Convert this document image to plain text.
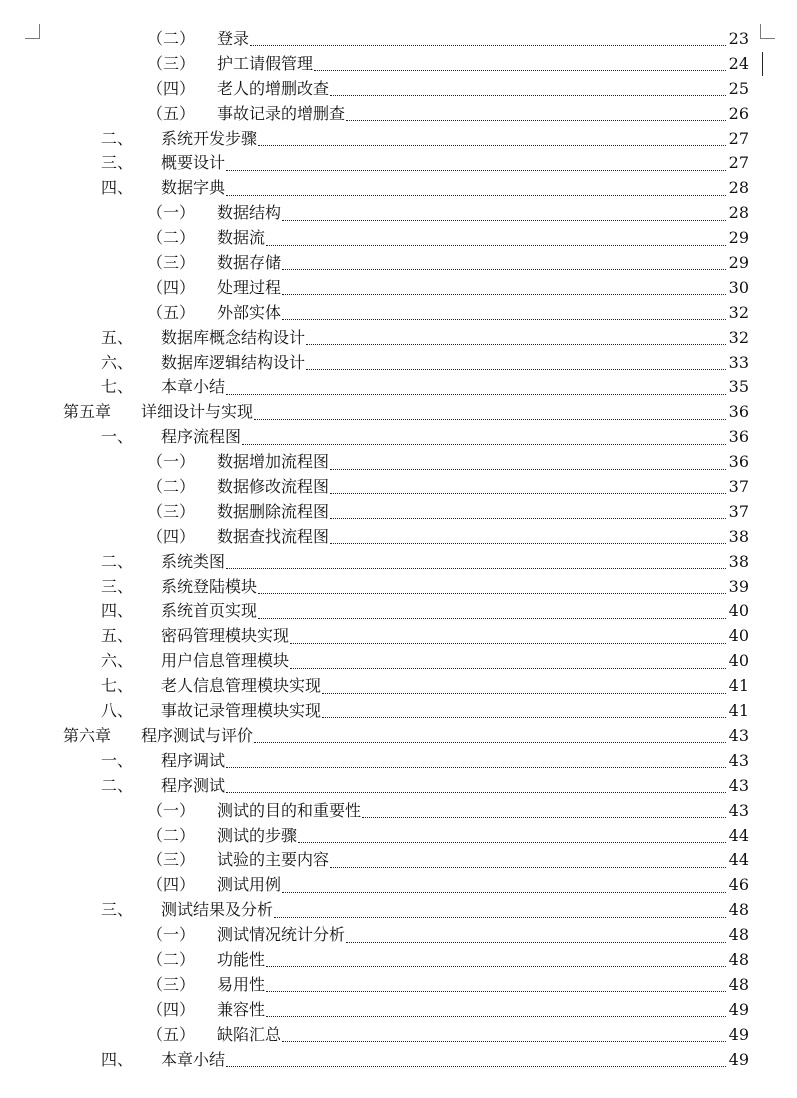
（二）	登录	23
（三）	护工请假管理	24
（四）	老人的增删改查	25
（五）	事故记录的增删查	26
二、	系统开发步骤	27
三、	概要设计	27
四、	数据字典	28
（一）	数据结构	28
（二）	数据流	29
（三）	数据存储	29
（四）	处理过程	30
（五）	外部实体	32
五、	数据库概念结构设计	32
六、	数据库逻辑结构设计	33
七、	本章小结	35
第五章	详细设计与实现	36
一、	程序流程图	36
（一）	数据增加流程图	36
（二）	数据修改流程图	37
（三）	数据删除流程图	37
（四）	数据查找流程图	38
二、	系统类图	38
三、	系统登陆模块	39
四、	系统首页实现	40
五、	密码管理模块实现	40
六、	用户信息管理模块	40
七、	老人信息管理模块实现	41
八、	事故记录管理模块实现	41
第六章	程序测试与评价	43
一、	程序调试	43
二、	程序测试	43
（一）	测试的目的和重要性	43
（二）	测试的步骤	44
（三）	试验的主要内容	44
（四）	测试用例	46
三、	测试结果及分析	48
（一）	测试情况统计分析	48
（二）	功能性	48
（三）	易用性	48
（四）	兼容性	49
（五）	缺陷汇总	49
四、	本章小结	49
